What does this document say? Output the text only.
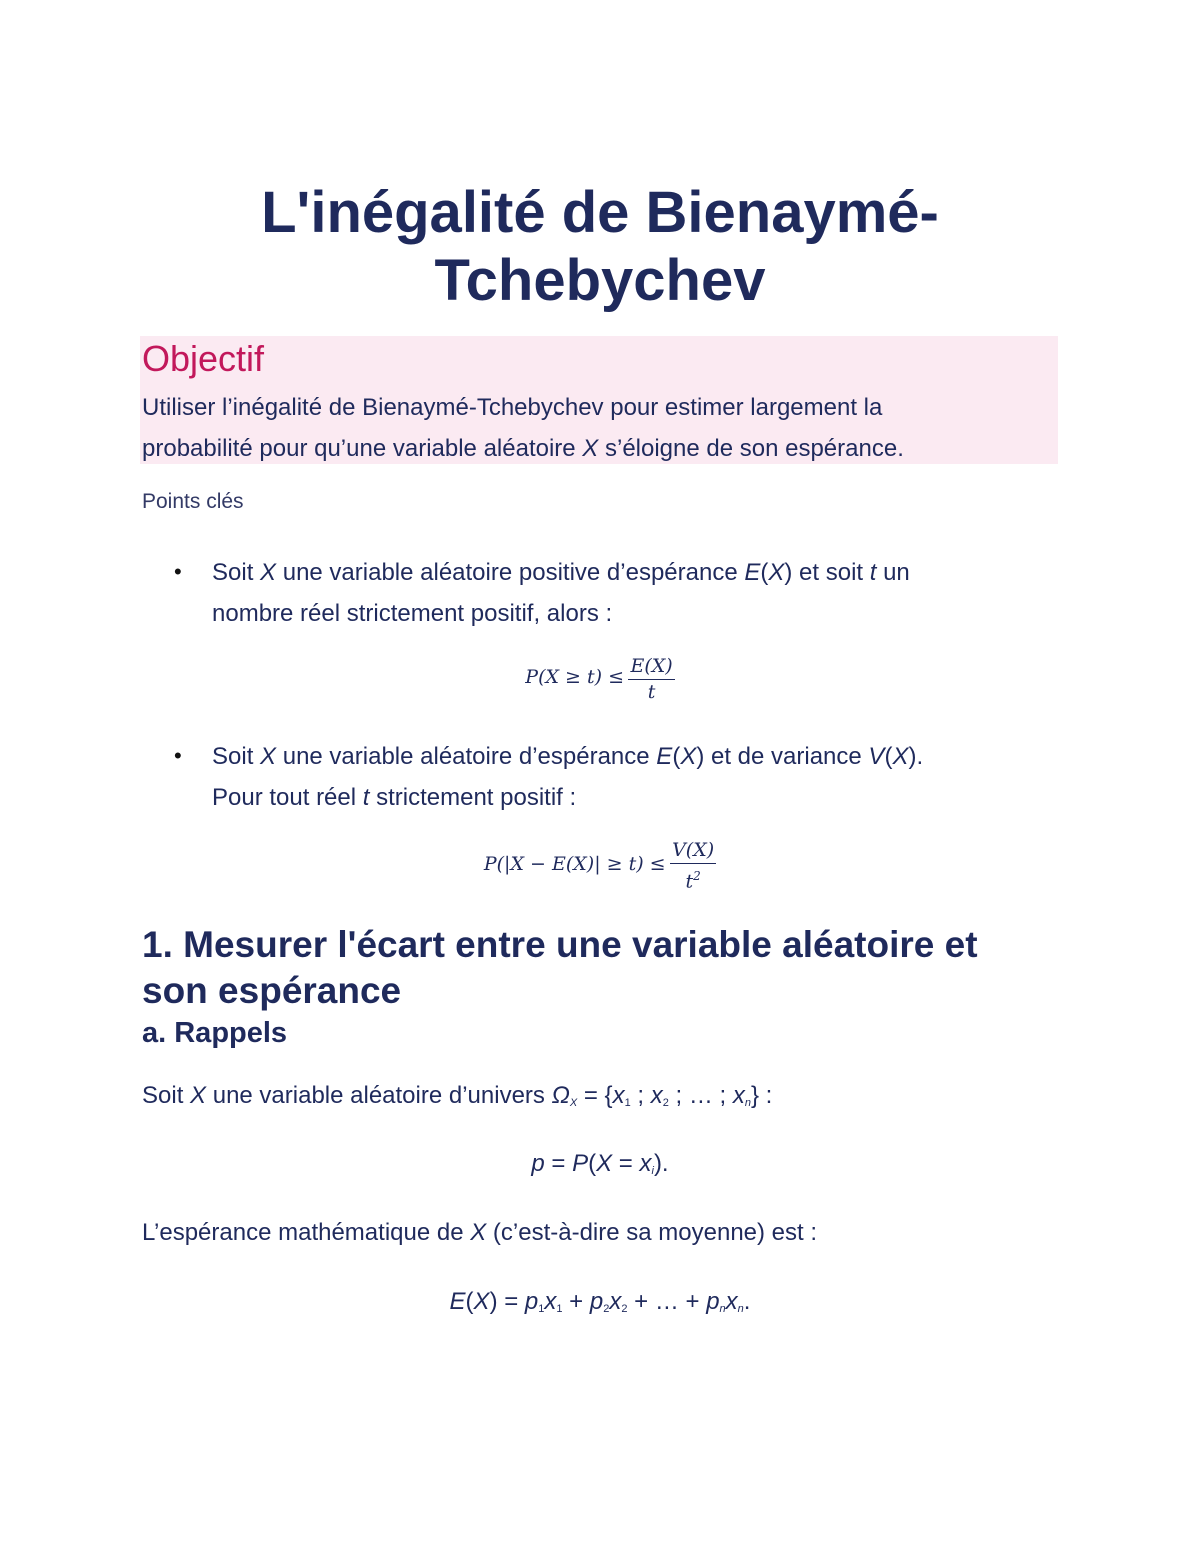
L'inégalité de Bienaymé-
Tchebychev
Objectif
Utiliser l’inégalité de Bienaymé-Tchebychev pour estimer largement la
probabilité pour qu’une variable aléatoire X s’éloigne de son espérance.
Points clés
• Soit X une variable aléatoire positive d’espérance E(X) et soit t un
nombre réel strictement positif, alors :
$P(X \ge t) \le \frac{E(X)}{t}$
• Soit X une variable aléatoire d’espérance E(X) et de variance V(X).
Pour tout réel t strictement positif :
$P(|X - E(X)| \ge t) \le \frac{V(X)}{t^2}$
1. Mesurer l'écart entre une variable aléatoire et
son espérance
a. Rappels
Soit X une variable aléatoire d’univers $\Omega_X = \{x_1$ ; $x_2$ ; … ; $x_n$} :
$p = P(X = x_i)$.
L’espérance mathématique de X (c’est-à-dire sa moyenne) est :
$E(X) = p_1x_1 + p_2x_2$ + … + $p_nx_n$.
